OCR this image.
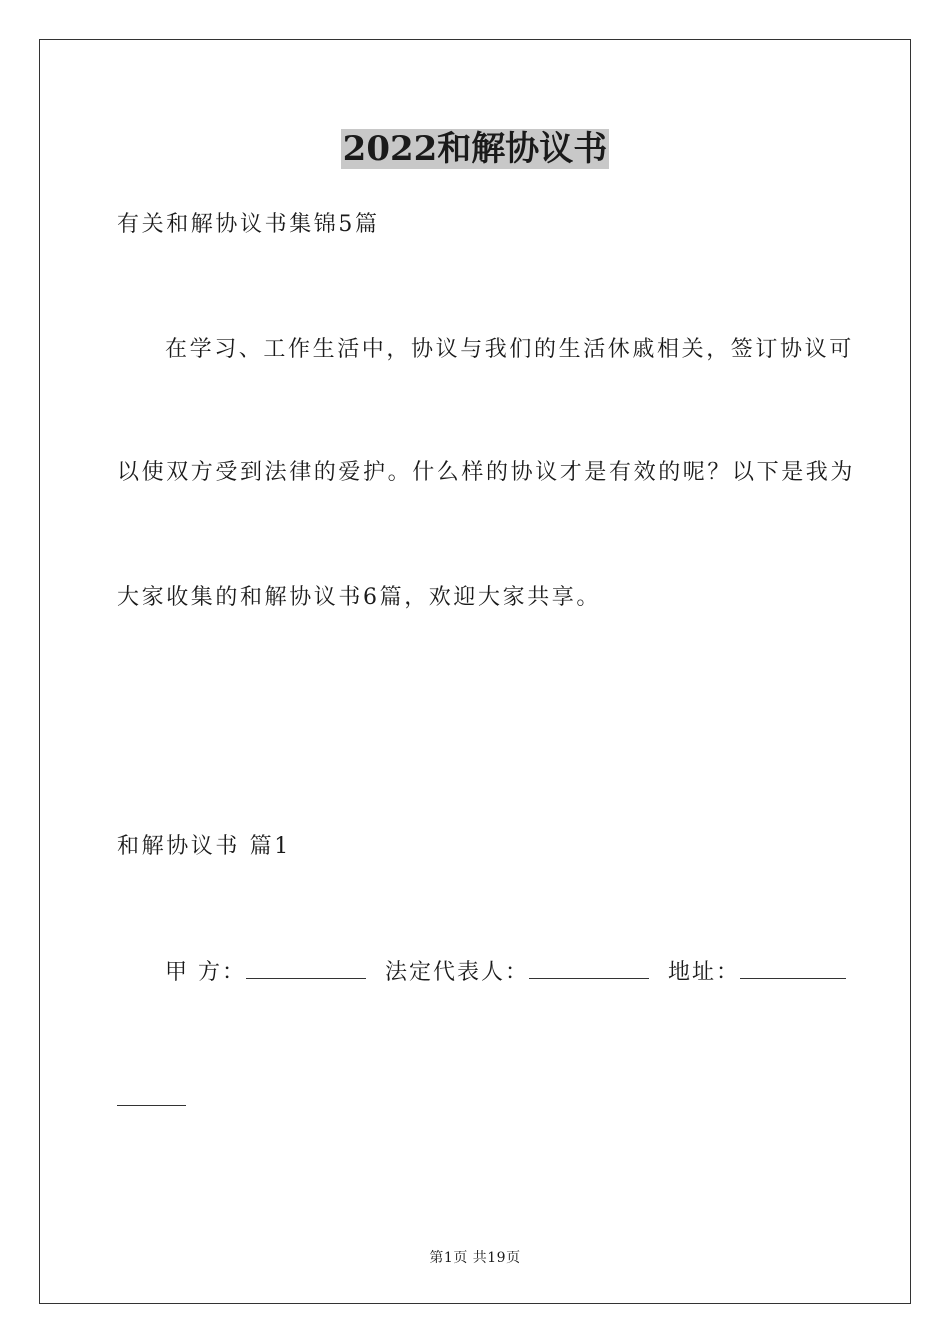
2022和解协议书
有关和解协议书集锦5篇
在学习、工作生活中，协议与我们的生活休戚相关，签订协议可
以使双方受到法律的爱护。什么样的协议才是有效的呢？以下是我为
大家收集的和解协议书6篇，欢迎大家共享。
和解协议书 篇1
甲 方：	法定代表人：	地址：
第1页 共19页
